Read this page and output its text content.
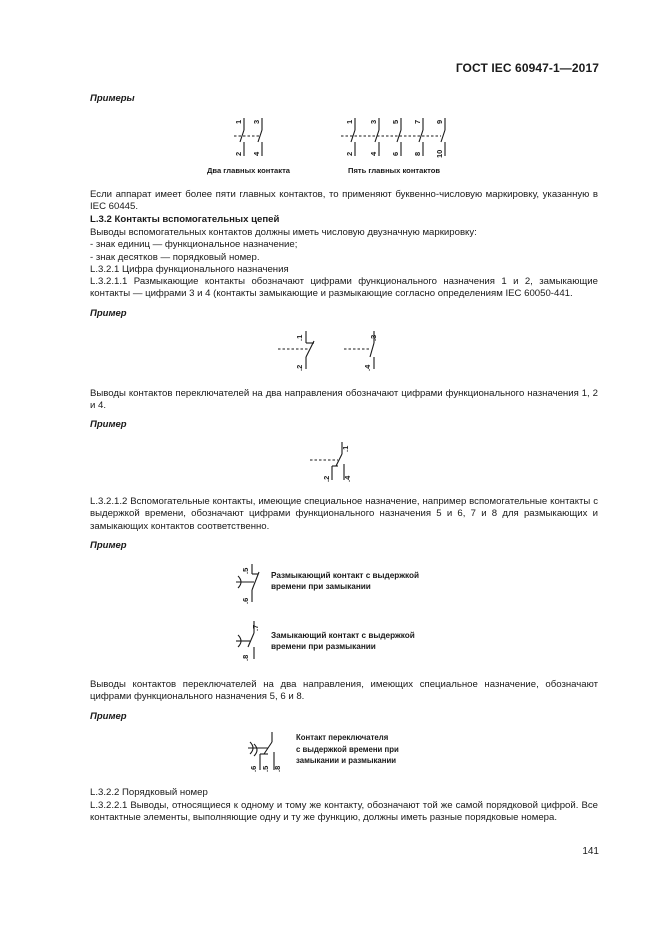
ГОСТ IEC 60947-1—2017
Примеры
1 3
2 4
Два главных контакта
1 3 5 7 9
2 4 6 8 10
Пять главных контактов
Если аппарат имеет более пяти главных контактов, то применяют буквенно-числовую маркировку, указанную в IEC 60445.
L.3.2 Контакты вспомогательных цепей
Выводы вспомогательных контактов должны иметь числовую двузначную маркировку:
- знак единиц — функциональное назначение;
- знак десятков — порядковый номер.
L.3.2.1 Цифра функционального назначения
L.3.2.1.1 Размыкающие контакты обозначают цифрами функционального назначения 1 и 2, замыкающие контакты — цифрами 3 и 4 (контакты замыкающие и размыкающие согласно определениям IEC 60050-441.
Пример
.1
.2
.3
.4
Выводы контактов переключателей на два направления обозначают цифрами функционального назначения 1, 2 и 4.
Пример
.1
.2 .4
L.3.2.1.2 Вспомогательные контакты, имеющие специальное назначение, например вспомогательные контакты с выдержкой времени, обозначают цифрами функционального назначения 5 и 6, 7 и 8 для размыкающих и замыкающих контактов соответственно.
Пример
.5
.6
Размыкающий контакт с выдержкой
времени при замыкании
.7
.8
Замыкающий контакт с выдержкой
времени при размыкании
Выводы контактов переключателей на два направления, имеющих специальное назначение, обозначают цифрами функционального назначения 5, 6 и 8.
Пример
.6 .5 .8
Контакт переключателя
с выдержкой времени при
замыкании и размыкании
L.3.2.2 Порядковый номер
L.3.2.2.1 Выводы, относящиеся к одному и тому же контакту, обозначают той же самой порядковой цифрой. Все контактные элементы, выполняющие одну и ту же функцию, должны иметь разные порядковые номера.
141
